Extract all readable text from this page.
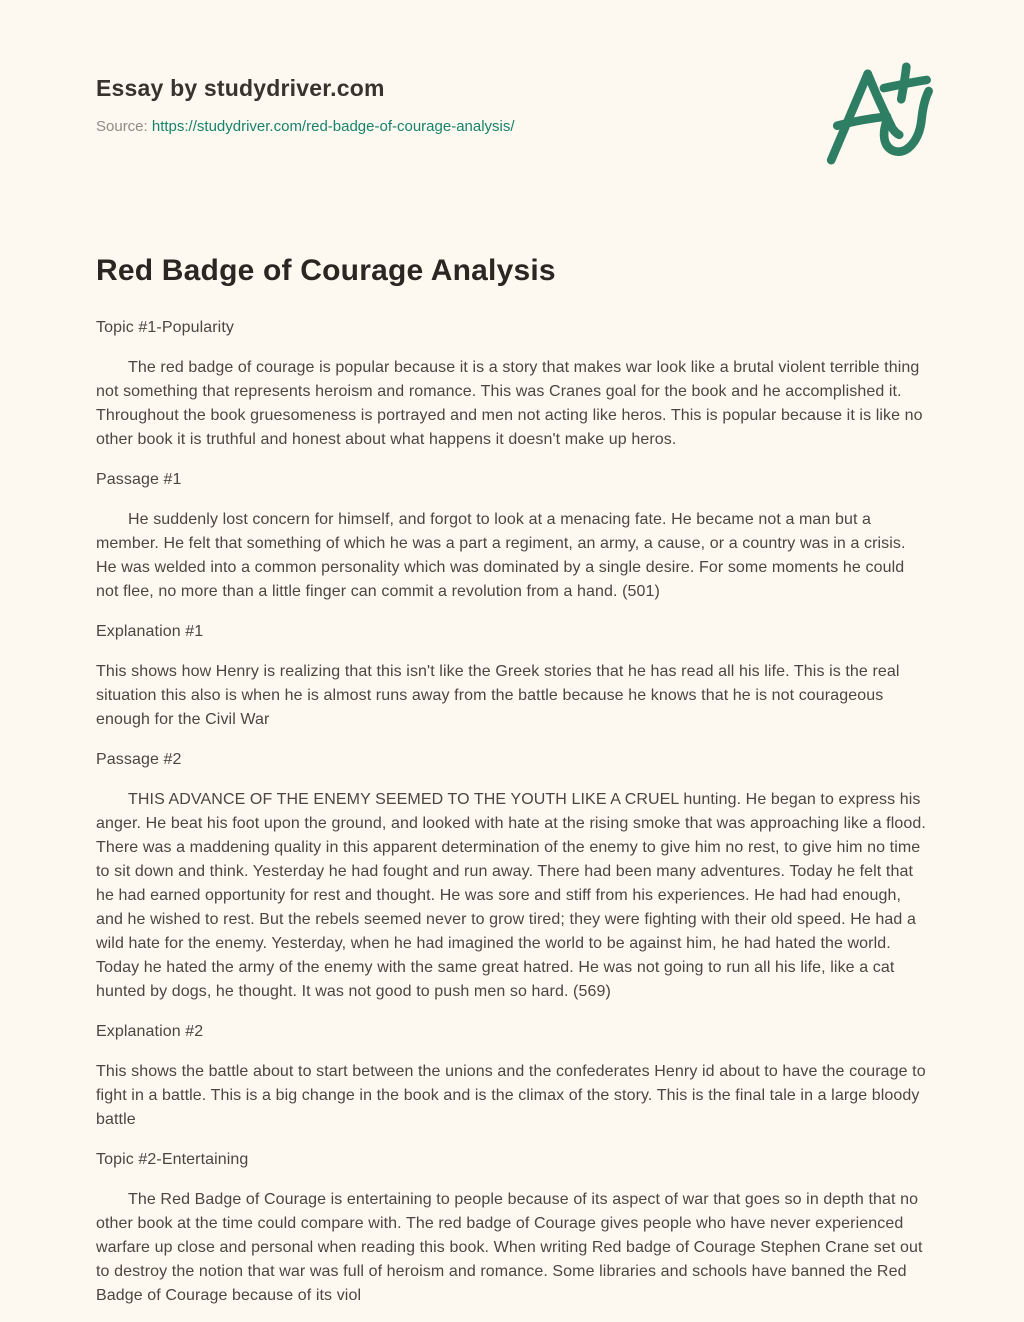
Essay by studydriver.com

Source: https://studydriver.com/red-badge-of-courage-analysis/

Red Badge of Courage Analysis

Topic #1-Popularity

The red badge of courage is popular because it is a story that makes war look like a brutal violent terrible thing not something that represents heroism and romance. This was Cranes goal for the book and he accomplished it. Throughout the book gruesomeness is portrayed and men not acting like heros. This is popular because it is like no other book it is truthful and honest about what happens it doesn't make up heros.

Passage #1

He suddenly lost concern for himself, and forgot to look at a menacing fate. He became not a man but a member. He felt that something of which he was a part a regiment, an army, a cause, or a country was in a crisis. He was welded into a common personality which was dominated by a single desire. For some moments he could not flee, no more than a little finger can commit a revolution from a hand. (501)

Explanation #1

This shows how Henry is realizing that this isn't like the Greek stories that he has read all his life. This is the real situation this also is when he is almost runs away from the battle because he knows that he is not courageous enough for the Civil War

Passage #2

THIS ADVANCE OF THE ENEMY SEEMED TO THE YOUTH LIKE A CRUEL hunting. He began to express his anger. He beat his foot upon the ground, and looked with hate at the rising smoke that was approaching like a flood. There was a maddening quality in this apparent determination of the enemy to give him no rest, to give him no time to sit down and think. Yesterday he had fought and run away. There had been many adventures. Today he felt that he had earned opportunity for rest and thought. He was sore and stiff from his experiences. He had had enough, and he wished to rest. But the rebels seemed never to grow tired; they were fighting with their old speed. He had a wild hate for the enemy. Yesterday, when he had imagined the world to be against him, he had hated the world. Today he hated the army of the enemy with the same great hatred. He was not going to run all his life, like a cat hunted by dogs, he thought. It was not good to push men so hard. (569)

Explanation #2

This shows the battle about to start between the unions and the confederates Henry id about to have the courage to fight in a battle. This is a big change in the book and is the climax of the story. This is the final tale in a large bloody battle

Topic #2-Entertaining

The Red Badge of Courage is entertaining to people because of its aspect of war that goes so in depth that no other book at the time could compare with. The red badge of Courage gives people who have never experienced warfare up close and personal when reading this book. When writing Red badge of Courage Stephen Crane set out to destroy the notion that war was full of heroism and romance. Some libraries and schools have banned the Red Badge of Courage because of its viol
